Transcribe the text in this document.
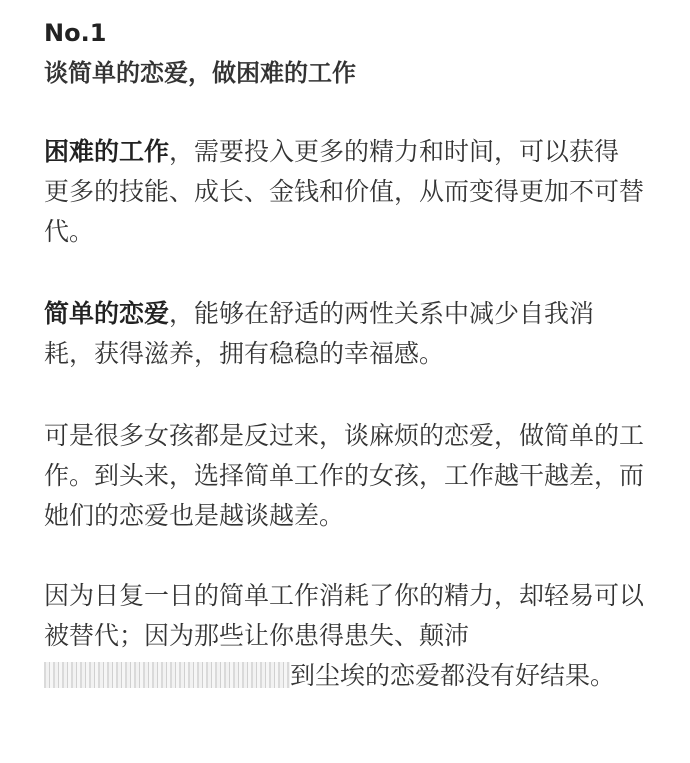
No.1
谈简单的恋爱，做困难的工作

困难的工作，需要投入更多的精力和时间，可以获得更多的技能、成长、金钱和价值，从而变得更加不可替代。

简单的恋爱，能够在舒适的两性关系中减少自我消耗，获得滋养，拥有稳稳的幸福感。

可是很多女孩都是反过来，谈麻烦的恋爱，做简单的工作。到头来，选择简单工作的女孩，工作越干越差，而她们的恋爱也是越谈越差。

因为日复一日的简单工作消耗了你的精力，却轻易可以被替代；因为那些让你患得患失、颠沛到尘埃的恋爱都没有好结果。
